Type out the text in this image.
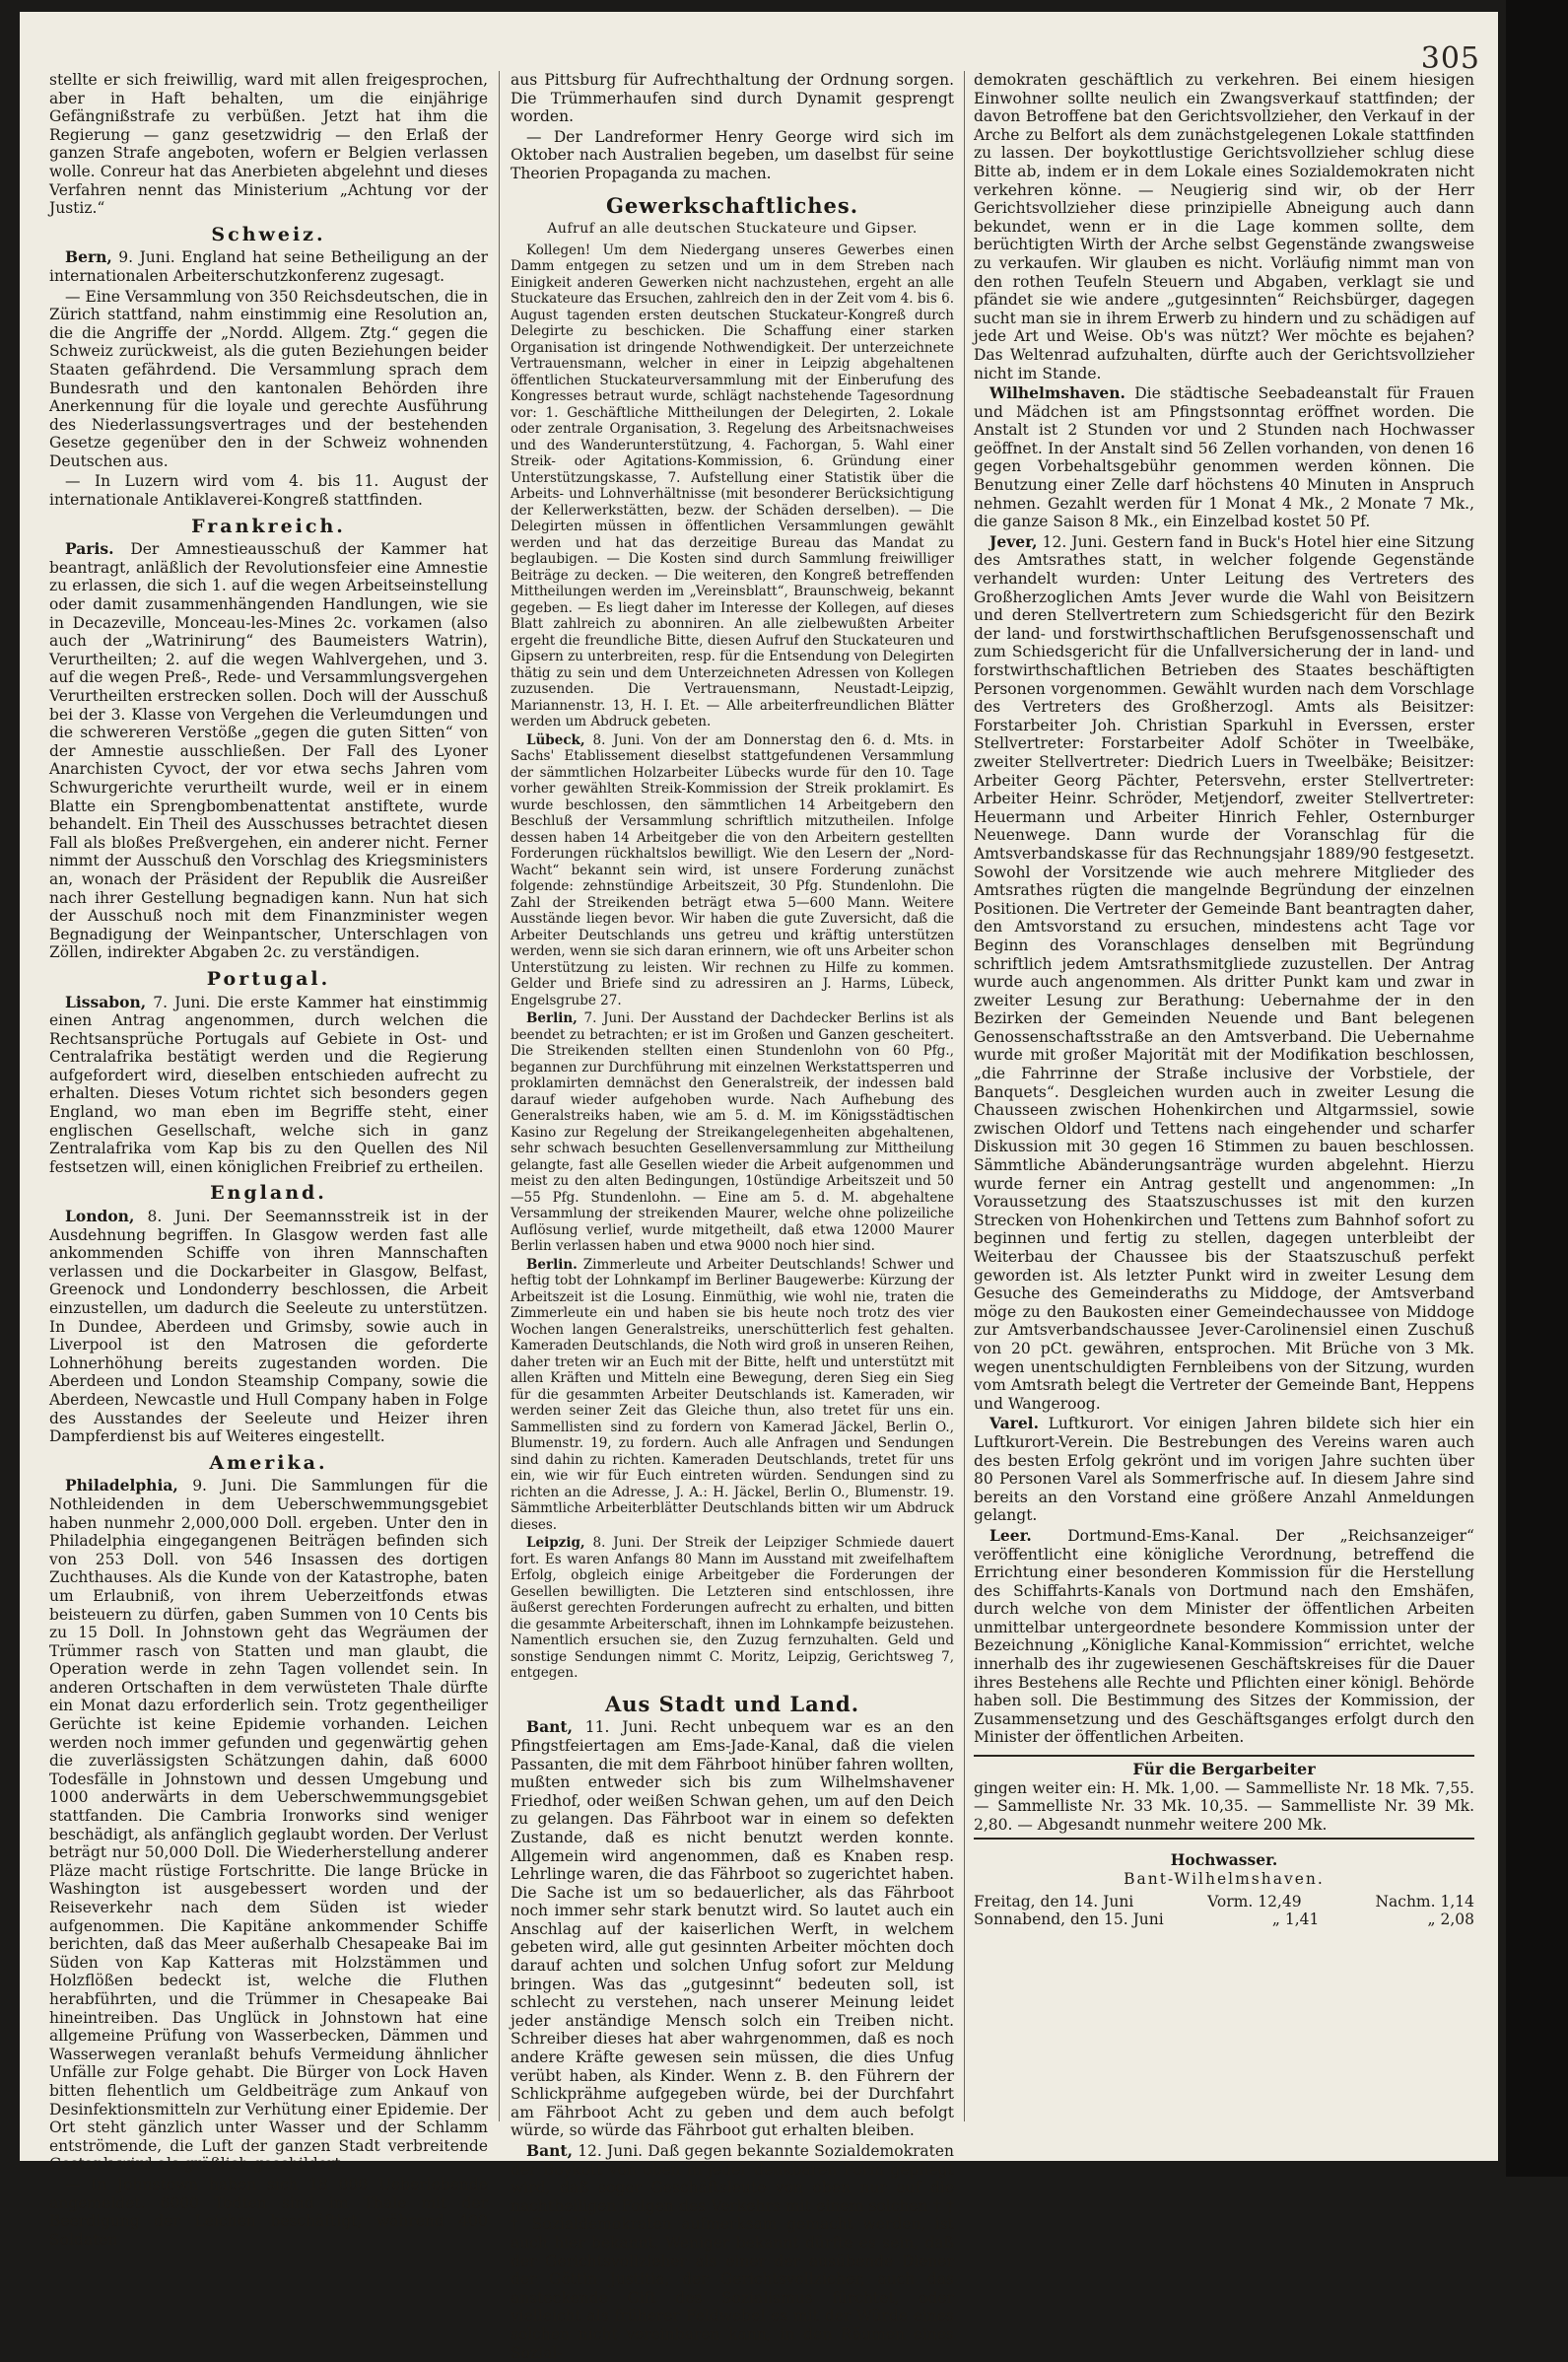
305

stellte er sich freiwillig, ward mit allen freigesprochen, aber in Haft behalten, um die einjährige Gefängnißstrafe zu verbüßen. Jetzt hat ihm die Regierung — ganz gesetzwidrig — den Erlaß der ganzen Strafe angeboten, wofern er Belgien verlassen wolle. Conreur hat das Anerbieten abgelehnt und dieses Verfahren nennt das Ministerium „Achtung vor der Justiz.“

Schweiz.

Bern, 9. Juni. England hat seine Betheiligung an der internationalen Arbeiterschutzkonferenz zugesagt.

— Eine Versammlung von 350 Reichsdeutschen, die in Zürich stattfand, nahm einstimmig eine Resolution an, die die Angriffe der „Nordd. Allgem. Ztg.“ gegen die Schweiz zurückweist, als die guten Beziehungen beider Staaten gefährdend. Die Versammlung sprach dem Bundesrath und den kantonalen Behörden ihre Anerkennung für die loyale und gerechte Ausführung des Niederlassungsvertrages und der bestehenden Gesetze gegenüber den in der Schweiz wohnenden Deutschen aus.

— In Luzern wird vom 4. bis 11. August der internationale Antiklaverei-Kongreß stattfinden.

Frankreich.

Paris. Der Amnestieausschuß der Kammer hat beantragt, anläßlich der Revolutionsfeier eine Amnestie zu erlassen, die sich 1. auf die wegen Arbeitseinstellung oder damit zusammenhängenden Handlungen, wie sie in Decazeville, Monceau-les-Mines 2c. vorkamen (also auch der „Watrinirung“ des Baumeisters Watrin), Verurtheilten; 2. auf die wegen Wahlvergehen, und 3. auf die wegen Preß-, Rede- und Versammlungsvergehen Verurtheilten erstrecken sollen. Doch will der Ausschuß bei der 3. Klasse von Vergehen die Verleumdungen und die schwereren Verstöße „gegen die guten Sitten“ von der Amnestie ausschließen. Der Fall des Lyoner Anarchisten Cyvoct, der vor etwa sechs Jahren vom Schwurgerichte verurtheilt wurde, weil er in einem Blatte ein Sprengbombenattentat anstiftete, wurde behandelt. Ein Theil des Ausschusses betrachtet diesen Fall als bloßes Preßvergehen, ein anderer nicht. Ferner nimmt der Ausschuß den Vorschlag des Kriegsministers an, wonach der Präsident der Republik die Ausreißer nach ihrer Gestellung begnadigen kann. Nun hat sich der Ausschuß noch mit dem Finanzminister wegen Begnadigung der Weinpantscher, Unterschlagen von Zöllen, indirekter Abgaben 2c. zu verständigen.

Portugal.

Lissabon, 7. Juni. Die erste Kammer hat einstimmig einen Antrag angenommen, durch welchen die Rechtsansprüche Portugals auf Gebiete in Ost- und Centralafrika bestätigt werden und die Regierung aufgefordert wird, dieselben entschieden aufrecht zu erhalten. Dieses Votum richtet sich besonders gegen England, wo man eben im Begriffe steht, einer englischen Gesellschaft, welche sich in ganz Zentralafrika vom Kap bis zu den Quellen des Nil festsetzen will, einen königlichen Freibrief zu ertheilen.

England.

London, 8. Juni. Der Seemannsstreik ist in der Ausdehnung begriffen. In Glasgow werden fast alle ankommenden Schiffe von ihren Mannschaften verlassen und die Dockarbeiter in Glasgow, Belfast, Greenock und Londonderry beschlossen, die Arbeit einzustellen, um dadurch die Seeleute zu unterstützen. In Dundee, Aberdeen und Grimsby, sowie auch in Liverpool ist den Matrosen die geforderte Lohnerhöhung bereits zugestanden worden. Die Aberdeen und London Steamship Company, sowie die Aberdeen, Newcastle und Hull Company haben in Folge des Ausstandes der Seeleute und Heizer ihren Dampferdienst bis auf Weiteres eingestellt.

Amerika.

Philadelphia, 9. Juni. Die Sammlungen für die Nothleidenden in dem Ueberschwemmungsgebiet haben nunmehr 2,000,000 Doll. ergeben. Unter den in Philadelphia eingegangenen Beiträgen befinden sich von 253 Doll. von 546 Insassen des dortigen Zuchthauses. Als die Kunde von der Katastrophe, baten um Erlaubniß, von ihrem Ueberzeitfonds etwas beisteuern zu dürfen, gaben Summen von 10 Cents bis zu 15 Doll. In Johnstown geht das Wegräumen der Trümmer rasch von Statten und man glaubt, die Operation werde in zehn Tagen vollendet sein. In anderen Ortschaften in dem verwüsteten Thale dürfte ein Monat dazu erforderlich sein. Trotz gegentheiliger Gerüchte ist keine Epidemie vorhanden. Leichen werden noch immer gefunden und gegenwärtig gehen die zuverlässigsten Schätzungen dahin, daß 6000 Todesfälle in Johnstown und dessen Umgebung und 1000 anderwärts in dem Ueberschwemmungsgebiet stattfanden. Die Cambria Ironworks sind weniger beschädigt, als anfänglich geglaubt worden. Der Verlust beträgt nur 50,000 Doll. Die Wiederherstellung anderer Pläze macht rüstige Fortschritte. Die lange Brücke in Washington ist ausgebessert worden und der Reiseverkehr nach dem Süden ist wieder aufgenommen. Die Kapitäne ankommender Schiffe berichten, daß das Meer außerhalb Chesapeake Bai im Süden von Kap Katteras mit Holzstämmen und Holzflößen bedeckt ist, welche die Fluthen herabführten, und die Trümmer in Chesapeake Bai hineintreiben. Das Unglück in Johnstown hat eine allgemeine Prüfung von Wasserbecken, Dämmen und Wasserwegen veranlaßt behufs Vermeidung ähnlicher Unfälle zur Folge gehabt. Die Bürger von Lock Haven bitten flehentlich um Geldbeiträge zum Ankauf von Desinfektionsmitteln zur Verhütung einer Epidemie. Der Ort steht gänzlich unter Wasser und der Schlamm entströmende, die Luft der ganzen Stadt verbreitende Gestank wird als gräßlich geschildert.

— In Johnstown haben sich 18 000 Ueberlebende angemeldet. 6000 Todten sind im Thale mit der Beerdigung der Leichen beschäftigt, während 400 Soldaten

aus Pittsburg für Aufrechthaltung der Ordnung sorgen. Die Trümmerhaufen sind durch Dynamit gesprengt worden.

— Der Landreformer Henry George wird sich im Oktober nach Australien begeben, um daselbst für seine Theorien Propaganda zu machen.

Gewerkschaftliches.
Aufruf an alle deutschen Stuckateure und Gipser.

Kollegen! Um dem Niedergang unseres Gewerbes einen Damm entgegen zu setzen und um in dem Streben nach Einigkeit anderen Gewerken nicht nachzustehen, ergeht an alle Stuckateure das Ersuchen, zahlreich den in der Zeit vom 4. bis 6. August tagenden ersten deutschen Stuckateur-Kongreß durch Delegirte zu beschicken. Die Schaffung einer starken Organisation ist dringende Nothwendigkeit. Der unterzeichnete Vertrauensmann, welcher in einer in Leipzig abgehaltenen öffentlichen Stuckateurversammlung mit der Einberufung des Kongresses betraut wurde, schlägt nachstehende Tagesordnung vor: 1. Geschäftliche Mittheilungen der Delegirten, 2. Lokale oder zentrale Organisation, 3. Regelung des Arbeitsnachweises und des Wanderunterstützung, 4. Fachorgan, 5. Wahl einer Streik- oder Agitations-Kommission, 6. Gründung einer Unterstützungskasse, 7. Aufstellung einer Statistik über die Arbeits- und Lohnverhältnisse (mit besonderer Berücksichtigung der Kellerwerkstätten, bezw. der Schäden derselben). — Die Delegirten müssen in öffentlichen Versammlungen gewählt werden und hat das derzeitige Bureau das Mandat zu beglaubigen. — Die Kosten sind durch Sammlung freiwilliger Beiträge zu decken. — Die weiteren, den Kongreß betreffenden Mittheilungen werden im „Vereinsblatt“, Braunschweig, bekannt gegeben. — Es liegt daher im Interesse der Kollegen, auf dieses Blatt zahlreich zu abonniren. An alle zielbewußten Arbeiter ergeht die freundliche Bitte, diesen Aufruf den Stuckateuren und Gipsern zu unterbreiten, resp. für die Entsendung von Delegirten thätig zu sein und dem Unterzeichneten Adressen von Kollegen zuzusenden. Die Vertrauensmann, Neustadt-Leipzig, Mariannenstr. 13, H. I. Et. — Alle arbeiterfreundlichen Blätter werden um Abdruck gebeten.

Lübeck, 8. Juni. Von der am Donnerstag den 6. d. Mts. in Sachs' Etablissement dieselbst stattgefundenen Versammlung der sämmtlichen Holzarbeiter Lübecks wurde für den 10. Tage vorher gewählten Streik-Kommission der Streik proklamirt. Es wurde beschlossen, den sämmtlichen 14 Arbeitgebern den Beschluß der Versammlung schriftlich mitzutheilen. Infolge dessen haben 14 Arbeitgeber die von den Arbeitern gestellten Forderungen rückhaltslos bewilligt. Wie den Lesern der „Nord-Wacht“ bekannt sein wird, ist unsere Forderung zunächst folgende: zehnstündige Arbeitszeit, 30 Pfg. Stundenlohn. Die Zahl der Streikenden beträgt etwa 5—600 Mann. Weitere Ausstände liegen bevor. Wir haben die gute Zuversicht, daß die Arbeiter Deutschlands uns getreu und kräftig unterstützen werden, wenn sie sich daran erinnern, wie oft uns Arbeiter schon Unterstützung zu leisten. Wir rechnen zu Hilfe zu kommen. Gelder und Briefe sind zu adressiren an J. Harms, Lübeck, Engelsgrube 27.

Berlin, 7. Juni. Der Ausstand der Dachdecker Berlins ist als beendet zu betrachten; er ist im Großen und Ganzen gescheitert. Die Streikenden stellten einen Stundenlohn von 60 Pfg., begannen zur Durchführung mit einzelnen Werkstattsperren und proklamirten demnächst den Generalstreik, der indessen bald darauf wieder aufgehoben wurde. Nach Aufhebung des Generalstreiks haben, wie am 5. d. M. im Königsstädtischen Kasino zur Regelung der Streikangelegenheiten abgehaltenen, sehr schwach besuchten Gesellenversammlung zur Mittheilung gelangte, fast alle Gesellen wieder die Arbeit aufgenommen und meist zu den alten Bedingungen, 10stündige Arbeitszeit und 50—55 Pfg. Stundenlohn. — Eine am 5. d. M. abgehaltene Versammlung der streikenden Maurer, welche ohne polizeiliche Auflösung verlief, wurde mitgetheilt, daß etwa 12000 Maurer Berlin verlassen haben und etwa 9000 noch hier sind.

Berlin. Zimmerleute und Arbeiter Deutschlands! Schwer und heftig tobt der Lohnkampf im Berliner Baugewerbe: Kürzung der Arbeitszeit ist die Losung. Einmüthig, wie wohl nie, traten die Zimmerleute ein und haben sie bis heute noch trotz des vier Wochen langen Generalstreiks, unerschütterlich fest gehalten. Kameraden Deutschlands, die Noth wird groß in unseren Reihen, daher treten wir an Euch mit der Bitte, helft und unterstützt mit allen Kräften und Mitteln eine Bewegung, deren Sieg ein Sieg für die gesammten Arbeiter Deutschlands ist. Kameraden, wir werden seiner Zeit das Gleiche thun, also tretet für uns ein. Sammellisten sind zu fordern von Kamerad Jäckel, Berlin O., Blumenstr. 19, zu fordern. Auch alle Anfragen und Sendungen sind dahin zu richten. Kameraden Deutschlands, tretet für uns ein, wie wir für Euch eintreten würden. Sendungen sind zu richten an die Adresse, J. A.: H. Jäckel, Berlin O., Blumenstr. 19. Sämmtliche Arbeiterblätter Deutschlands bitten wir um Abdruck dieses.

Leipzig, 8. Juni. Der Streik der Leipziger Schmiede dauert fort. Es waren Anfangs 80 Mann im Ausstand mit zweifelhaftem Erfolg, obgleich einige Arbeitgeber die Forderungen der Gesellen bewilligten. Die Letzteren sind entschlossen, ihre äußerst gerechten Forderungen aufrecht zu erhalten, und bitten die gesammte Arbeiterschaft, ihnen im Lohnkampfe beizustehen. Namentlich ersuchen sie, den Zuzug fernzuhalten. Geld und sonstige Sendungen nimmt C. Moritz, Leipzig, Gerichtsweg 7, entgegen.

Aus Stadt und Land.

Bant, 11. Juni. Recht unbequem war es an den Pfingstfeiertagen am Ems-Jade-Kanal, daß die vielen Passanten, die mit dem Fährboot hinüber fahren wollten, mußten entweder sich bis zum Wilhelmshavener Friedhof, oder weißen Schwan gehen, um auf den Deich zu gelangen. Das Fährboot war in einem so defekten Zustande, daß es nicht benutzt werden konnte. Allgemein wird angenommen, daß es Knaben resp. Lehrlinge waren, die das Fährboot so zugerichtet haben. Die Sache ist um so bedauerlicher, als das Fährboot noch immer sehr stark benutzt wird. So lautet auch ein Anschlag auf der kaiserlichen Werft, in welchem gebeten wird, alle gut gesinnten Arbeiter möchten doch darauf achten und solchen Unfug sofort zur Meldung bringen. Was das „gutgesinnt“ bedeuten soll, ist schlecht zu verstehen, nach unserer Meinung leidet jeder anständige Mensch solch ein Treiben nicht. Schreiber dieses hat aber wahrgenommen, daß es noch andere Kräfte gewesen sein müssen, die dies Unfug verübt haben, als Kinder. Wenn z. B. den Führern der Schlickprähme aufgegeben würde, bei der Durchfahrt am Fährboot Acht zu geben und dem auch befolgt würde, so würde das Fährboot gut erhalten bleiben.

Bant, 12. Juni. Daß gegen bekannte Sozialdemokraten der Boykott von oben in jeder denkbaren Form gepflegt wird, daß sogar Geschäftsleute von oben nur auf die nachtheiligen Folgen des Verkehrs mit einem solchen † † † Sozialdemokraten aufmerksam gemacht werden, ist auch hier bekannt. Weniger bekannt dürfte es sein, daß der Gerichtsvollzieher als einer der ausübende Diener der Göttin Justitia, der Gerichtsvollzieher, auch das ansteckende Gift des Sozialismus fürchtet, oder vielleicht als früherer Feldwebel es mit der Würde eines solchen nicht vereinbaren kann, in den Räumen eines Sozial-

demokraten geschäftlich zu verkehren. Bei einem hiesigen Einwohner sollte neulich ein Zwangsverkauf stattfinden; der davon Betroffene bat den Gerichtsvollzieher, den Verkauf in der Arche zu Belfort als dem zunächstgelegenen Lokale stattfinden zu lassen. Der boykottlustige Gerichtsvollzieher schlug diese Bitte ab, indem er in dem Lokale eines Sozialdemokraten nicht verkehren könne. — Neugierig sind wir, ob der Herr Gerichtsvollzieher diese prinzipielle Abneigung auch dann bekundet, wenn er in die Lage kommen sollte, dem berüchtigten Wirth der Arche selbst Gegenstände zwangsweise zu verkaufen. Wir glauben es nicht. Vorläufig nimmt man von den rothen Teufeln Steuern und Abgaben, verklagt sie und pfändet sie wie andere „gutgesinnten“ Reichsbürger, dagegen sucht man sie in ihrem Erwerb zu hindern und zu schädigen auf jede Art und Weise. Ob's was nützt? Wer möchte es bejahen? Das Weltenrad aufzuhalten, dürfte auch der Gerichtsvollzieher nicht im Stande.

Wilhelmshaven. Die städtische Seebadeanstalt für Frauen und Mädchen ist am Pfingstsonntag eröffnet worden. Die Anstalt ist 2 Stunden vor und 2 Stunden nach Hochwasser geöffnet. In der Anstalt sind 56 Zellen vorhanden, von denen 16 gegen Vorbehaltsgebühr genommen werden können. Die Benutzung einer Zelle darf höchstens 40 Minuten in Anspruch nehmen. Gezahlt werden für 1 Monat 4 Mk., 2 Monate 7 Mk., die ganze Saison 8 Mk., ein Einzelbad kostet 50 Pf.

Jever, 12. Juni. Gestern fand in Buck's Hotel hier eine Sitzung des Amtsrathes statt, in welcher folgende Gegenstände verhandelt wurden: Unter Leitung des Vertreters des Großherzoglichen Amts Jever wurde die Wahl von Beisitzern und deren Stellvertretern zum Schiedsgericht für den Bezirk der land- und forstwirthschaftlichen Berufsgenossenschaft und zum Schiedsgericht für die Unfallversicherung der in land- und forstwirthschaftlichen Betrieben des Staates beschäftigten Personen vorgenommen. Gewählt wurden nach dem Vorschlage des Vertreters des Großherzogl. Amts als Beisitzer: Forstarbeiter Joh. Christian Sparkuhl in Everssen, erster Stellvertreter: Forstarbeiter Adolf Schöter in Tweelbäke, zweiter Stellvertreter: Diedrich Luers in Tweelbäke; Beisitzer: Arbeiter Georg Pächter, Petersvehn, erster Stellvertreter: Arbeiter Heinr. Schröder, Metjendorf, zweiter Stellvertreter: Heuermann und Arbeiter Hinrich Fehler, Osternburger Neuenwege. Dann wurde der Voranschlag für die Amtsverbandskasse für das Rechnungsjahr 1889/90 festgesetzt. Sowohl der Vorsitzende wie auch mehrere Mitglieder des Amtsrathes rügten die mangelnde Begründung der einzelnen Positionen. Die Vertreter der Gemeinde Bant beantragten daher, den Amtsvorstand zu ersuchen, mindestens acht Tage vor Beginn des Voranschlages denselben mit Begründung schriftlich jedem Amtsrathsmitgliede zuzustellen. Der Antrag wurde auch angenommen. Als dritter Punkt kam und zwar in zweiter Lesung zur Berathung: Uebernahme der in den Bezirken der Gemeinden Neuende und Bant belegenen Genossenschaftsstraße an den Amtsverband. Die Uebernahme wurde mit großer Majorität mit der Modifikation beschlossen, „die Fahrrinne der Straße inclusive der Vorbstiele, der Banquets“. Desgleichen wurden auch in zweiter Lesung die Chausseen zwischen Hohenkirchen und Altgarmssiel, sowie zwischen Oldorf und Tettens nach eingehender und scharfer Diskussion mit 30 gegen 16 Stimmen zu bauen beschlossen. Sämmtliche Abänderungsanträge wurden abgelehnt. Hierzu wurde ferner ein Antrag gestellt und angenommen: „In Voraussetzung des Staatszuschusses ist mit den kurzen Strecken von Hohenkirchen und Tettens zum Bahnhof sofort zu beginnen und fertig zu stellen, dagegen unterbleibt der Weiterbau der Chaussee bis der Staatszuschuß perfekt geworden ist. Als letzter Punkt wird in zweiter Lesung dem Gesuche des Gemeinderaths zu Middoge, der Amtsverband möge zu den Baukosten einer Gemeindechaussee von Middoge zur Amtsverbandschaussee Jever-Carolinensiel einen Zuschuß von 20 pCt. gewähren, entsprochen. Mit Brüche von 3 Mk. wegen unentschuldigten Fernbleibens von der Sitzung, wurden vom Amtsrath belegt die Vertreter der Gemeinde Bant, Heppens und Wangeroog.

Varel. Luftkurort. Vor einigen Jahren bildete sich hier ein Luftkurort-Verein. Die Bestrebungen des Vereins waren auch des besten Erfolg gekrönt und im vorigen Jahre suchten über 80 Personen Varel als Sommerfrische auf. In diesem Jahre sind bereits an den Vorstand eine größere Anzahl Anmeldungen gelangt.

Leer. Dortmund-Ems-Kanal. Der „Reichsanzeiger“ veröffentlicht eine königliche Verordnung, betreffend die Errichtung einer besonderen Kommission für die Herstellung des Schiffahrts-Kanals von Dortmund nach den Emshäfen, durch welche von dem Minister der öffentlichen Arbeiten unmittelbar untergeordnete besondere Kommission unter der Bezeichnung „Königliche Kanal-Kommission“ errichtet, welche innerhalb des ihr zugewiesenen Geschäftskreises für die Dauer ihres Bestehens alle Rechte und Pflichten einer königl. Behörde haben soll. Die Bestimmung des Sitzes der Kommission, der Zusammensetzung und des Geschäftsganges erfolgt durch den Minister der öffentlichen Arbeiten.

Für die Bergarbeiter
gingen weiter ein: H. Mk. 1,00. — Sammelliste Nr. 18 Mk. 7,55. — Sammelliste Nr. 33 Mk. 10,35. — Sammelliste Nr. 39 Mk. 2,80. — Abgesandt nunmehr weitere 200 Mk.
Hochwasser.
Bant-Wilhelmshaven.
Freitag, den 14. Juni	Vorm. 12,49	Nachm. 1,14
Sonnabend, den 15. Juni	„ 1,41	„ 2,08
